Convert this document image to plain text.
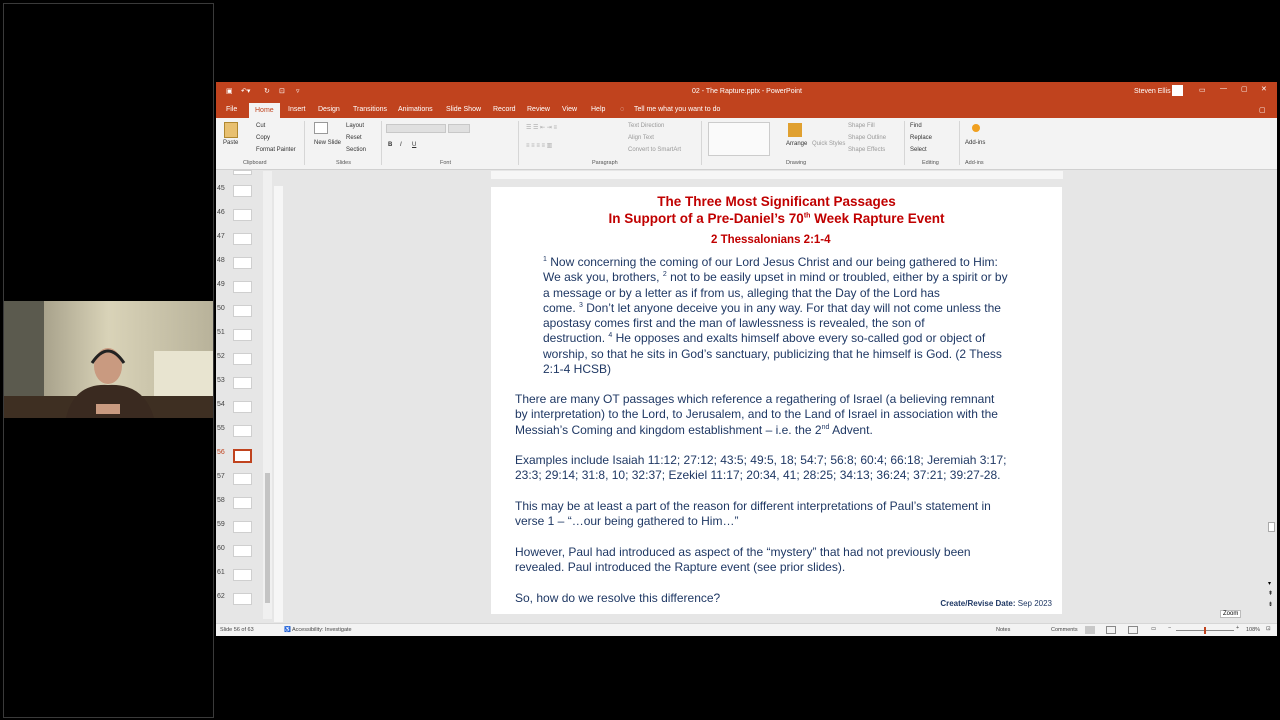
▣ ↶▾ ↻ ⊡ ▿	02 - The Rapture.pptx - PowerPoint	Steven Ellis	▭ — ▢ ✕
File	Home	Insert Design Transitions Animations Slide Show Record Review View Help ◌ Tell me what you want to do	▢
Paste
Cut
Copy
Format Painter
Clipboard
New Slide
Layout
Reset
Section
Slides
B I U
Font
☰ ☰ ⇤ ⇥ ≡
≡ ≡ ≡ ≡ ▥
Text Direction
Align Text
Convert to SmartArt
Paragraph
Arrange Quick Styles
Shape Fill
Shape Outline
Shape Effects
Drawing
Find
Replace
Select
Editing
Add-ins
Add-ins
45
46
47
48
49
50
51
52
53
54
55
56
57
58
59
60
61
62
The Three Most Significant Passages
In Support of a Pre-Daniel’s 70th Week Rapture Event
2 Thessalonians 2:1-4
$^1$ Now concerning the coming of our Lord Jesus Christ and our being gathered to Him:
We ask you, brothers, $^2$ not to be easily upset in mind or troubled, either by a spirit or by
a message or by a letter as if from us, alleging that the Day of the Lord has
come. $^3$ Don’t let anyone deceive you in any way. For that day will not come unless the
apostasy comes first and the man of lawlessness is revealed, the son of
destruction. $^4$ He opposes and exalts himself above every so-called god or object of
worship, so that he sits in God’s sanctuary, publicizing that he himself is God. (2 Thess
2:1-4 HCSB)
There are many OT passages which reference a regathering of Israel (a believing remnant
by interpretation) to the Lord, to Jerusalem, and to the Land of Israel in association with the
Messiah’s Coming and kingdom establishment – i.e. the 2nd Advent.
Examples include Isaiah 11:12; 27:12; 43:5; 49:5, 18; 54:7; 56:8; 60:4; 66:18; Jeremiah 3:17;
23:3; 29:14; 31:8, 10; 32:37; Ezekiel 11:17; 20:34, 41; 28:25; 34:13; 36:24; 37:21; 39:27-28.
This may be at least a part of the reason for different interpretations of Paul’s statement in
verse 1 – “…our being gathered to Him…”
However, Paul had introduced as aspect of the “mystery” that had not previously been
revealed. Paul introduced the Rapture event (see prior slides).
So, how do we resolve this difference?	Create/Revise Date: Sep 2023
▾
⇞
⇟
Zoom
Slide 56 of 63	♿ Accessibility: Investigate	Notes	Comments	▭ −	+ 108% ⊡
